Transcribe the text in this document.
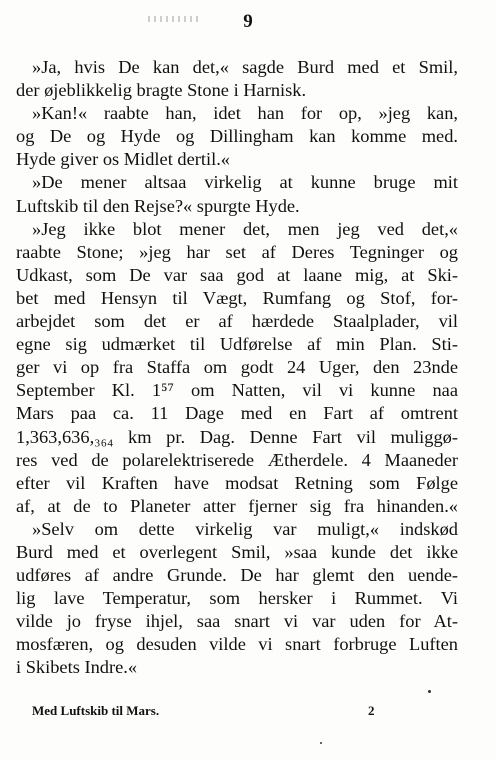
9
»Ja, hvis De kan det,« sagde Burd med et Smil,
der øjeblikkelig bragte Stone i Harnisk.
»Kan!« raabte han, idet han for op, »jeg kan,
og De og Hyde og Dillingham kan komme med.
Hyde giver os Midlet dertil.«
»De mener altsaa virkelig at kunne bruge mit
Luftskib til den Rejse?« spurgte Hyde.
»Jeg ikke blot mener det, men jeg ved det,«
raabte Stone; »jeg har set af Deres Tegninger og
Udkast, som De var saa god at laane mig, at Ski-
bet med Hensyn til Vægt, Rumfang og Stof, for-
arbejdet som det er af hærdede Staalplader, vil
egne sig udmærket til Udførelse af min Plan. Sti-
ger vi op fra Staffa om godt 24 Uger, den 23nde
September Kl. 1⁵⁷ om Natten, vil vi kunne naa
Mars paa ca. 11 Dage med en Fart af omtrent
1,363,636,₃₆₄ km pr. Dag. Denne Fart vil muliggø-
res ved de polarelektriserede Ætherdele. 4 Maaneder
efter vil Kraften have modsat Retning som Følge
af, at de to Planeter atter fjerner sig fra hinanden.«
»Selv om dette virkelig var muligt,« indskød
Burd med et overlegent Smil, »saa kunde det ikke
udføres af andre Grunde. De har glemt den uende-
lig lave Temperatur, som hersker i Rummet. Vi
vilde jo fryse ihjel, saa snart vi var uden for At-
mosfæren, og desuden vilde vi snart forbruge Luften
i Skibets Indre.«
Med Luftskib til Mars.	2
